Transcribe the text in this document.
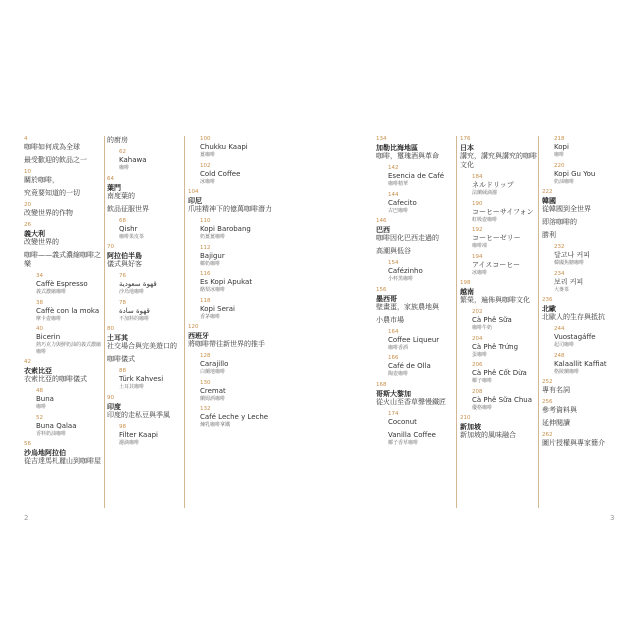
4
咖啡如何成為全球
最受歡迎的飲品之一
10
關於咖啡，
究竟要知道的一切
20
改變世界的作物
26
義大利
改變世界的
咖啡——義式濃縮咖啡之樂
34
Caffè Espresso
義式濃縮咖啡
38
Caffè con la moka
摩卡壺咖啡
40
Bicerin
熱巧克力與鮮奶油的義式濃縮咖啡
42
衣索比亞
衣索比亞的咖啡儀式
48
Buna
咖啡
52
Buna Qalaa
香料奶油咖啡
56
沙烏地阿拉伯
從吉達馬札麗山到咖啡屋
的廚房
62
Kahawa
咖啡
64
葉門
南度葉的
飲品征服世界
68
Qishr
咖啡果皮茶
70
阿拉伯半島
儀式與好客
76
قهوة سعودية
沙烏地咖啡
78
قهوة سادة
不加料的咖啡
80
土耳其
社交場合與完美遊口的
咖啡儀式
88
Türk Kahvesi
土耳其咖啡
90
印度
印度的走私豆與季風
98
Filter Kaapi
濾滴咖啡
100
Chukku Kaapi
薑咖啡
102
Cold Coffee
冰咖啡
104
印尼
爪哇精神下的億萬咖啡潛力
110
Kopi Barobang
奶薑薑咖啡
112
Bajigur
椰奶咖啡
116
Es Kopi Apukat
酪梨冰咖啡
118
Kopi Serai
香茅咖啡
120
西班牙
將咖啡帶往新世界的推手
128
Carajillo
白蘭地咖啡
130
Cremat
蘭姆酒咖啡
132
Café Leche y Leche
煉乳咖啡拿鐵
2
134
加勒比海地區
咖啡，璽瑰酒與革命
142
Esencia de Café
咖啡精華
144
Cafecito
古巴咖啡
146
巴西
咖啡因化巴西走過的
高潮與低谷
154
Cafézinho
小杯黑咖啡
156
墨西哥
壁畫蛋，家族農地與
小農市場
164
Coffee Liqueur
咖啡香酒
166
Café de Olla
陶壺咖啡
168
哥斯大黎加
從火山至香草聲慢鐵匠
174
Coconut
Vanilla Coffee
椰子香草咖啡
176
日本
講究，講究與講究的咖啡文化
184
ネルドリップ
法蘭絨滴濾
190
コーヒーサイフォン
虹吸壺咖啡
192
コーヒーゼリー
咖啡凍
194
アイスコーヒー
冰咖啡
198
越南
繁榮，遍佈與咖啡文化
202
Cà Phê Sữa
咖啡牛奶
204
Cà Phê Trứng
蛋咖啡
206
Cà Phê Cốt Dừa
椰子咖啡
208
Cà Phê Sữa Chua
優格咖啡
210
新加坡
新加坡的風味融合
218
Kopi
咖啡
220
Kopi Gu You
奶油咖啡
222
韓國
從韓國到全世界
即溶咖啡的
勝利
232
달고나 커피
韓國焦糖咖啡
234
보리 커피
大麥茶
236
北歐
北歐人的生存與抵抗
244
Vuostagáffe
起司咖啡
248
Kalaallit Kaffiat
格陵蘭咖啡
252
專有名詞
256
參考資料與
延伸閱讀
262
圖片授權與專家簡介
3
